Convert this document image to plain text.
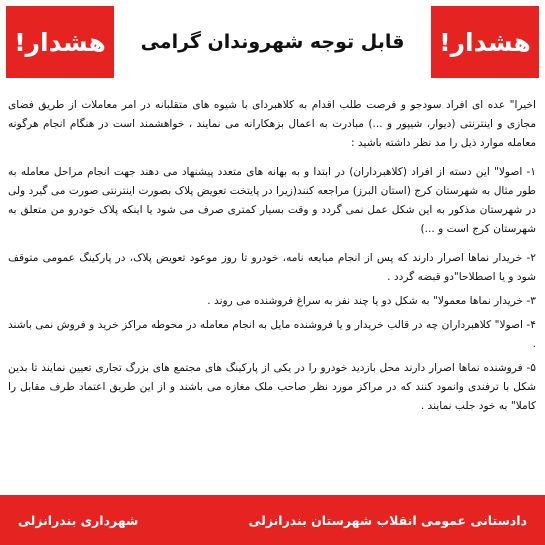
هشدار!	قابل توجه شهروندان گرامی	هشدار!

اخیرا" عده ای افراد سودجو و فرصت طلب اقدام به کلاهبردای با شیوه های متقلبانه در امر معاملات از طریق فضای مجازی و اینترنتی (دیوار، شیپور و ...) مبادرت به اعمال بزهکارانه می نمایند ، خواهشمند است در هنگام انجام هرگونه معامله موارد ذیل را مد نظر داشته باشید :

۱- اصولا" این دسته از افراد (کلاهبرداران) در ابتدا و به بهانه های متعدد پیشنهاد می دهند جهت انجام مراحل معامله به طور مثال به شهرستان کرج (استان البرز) مراجعه کنند(زیرا در پایتخت تعویض پلاک بصورت اینترنتی صورت می گیرد ولی در شهرستان مذکور به این شکل عمل نمی گردد و وقت بسیار کمتری صرف می شود یا اینکه پلاک خودرو من متعلق به شهرستان کرج است و ...)

۲- خریدار نماها اصرار دارند که پس از انجام مبایعه نامه، خودرو تا روز موعود تعویض پلاک، در پارکینگ عمومی متوقف شود و یا اصطلاحا"دو قبضه گردد .

۳- خریدار نماها معمولا" به شکل دو یا چند نفر به سراغ فروشنده می روند .

۴- اصولا" کلاهبرداران چه در قالب خریدار و یا فروشنده مایل به انجام معامله در محوطه مراکز خرید و فروش نمی باشند .

۵- فروشنده نماها اصرار دارند محل بازدید خودرو را در یکی از پارکینگ های مجتمع های بزرگ تجاری تعیین نمایند تا بدین شکل با ترفندی وانمود کنند که در مراکز مورد نظر صاحب ملک مغازه می باشند و از این طریق اعتماد طرف مقابل را کاملا" به خود جلب نمایند .

دادستانی عمومی انقلاب شهرستان بندرانزلی
شهرداری بندرانزلی
